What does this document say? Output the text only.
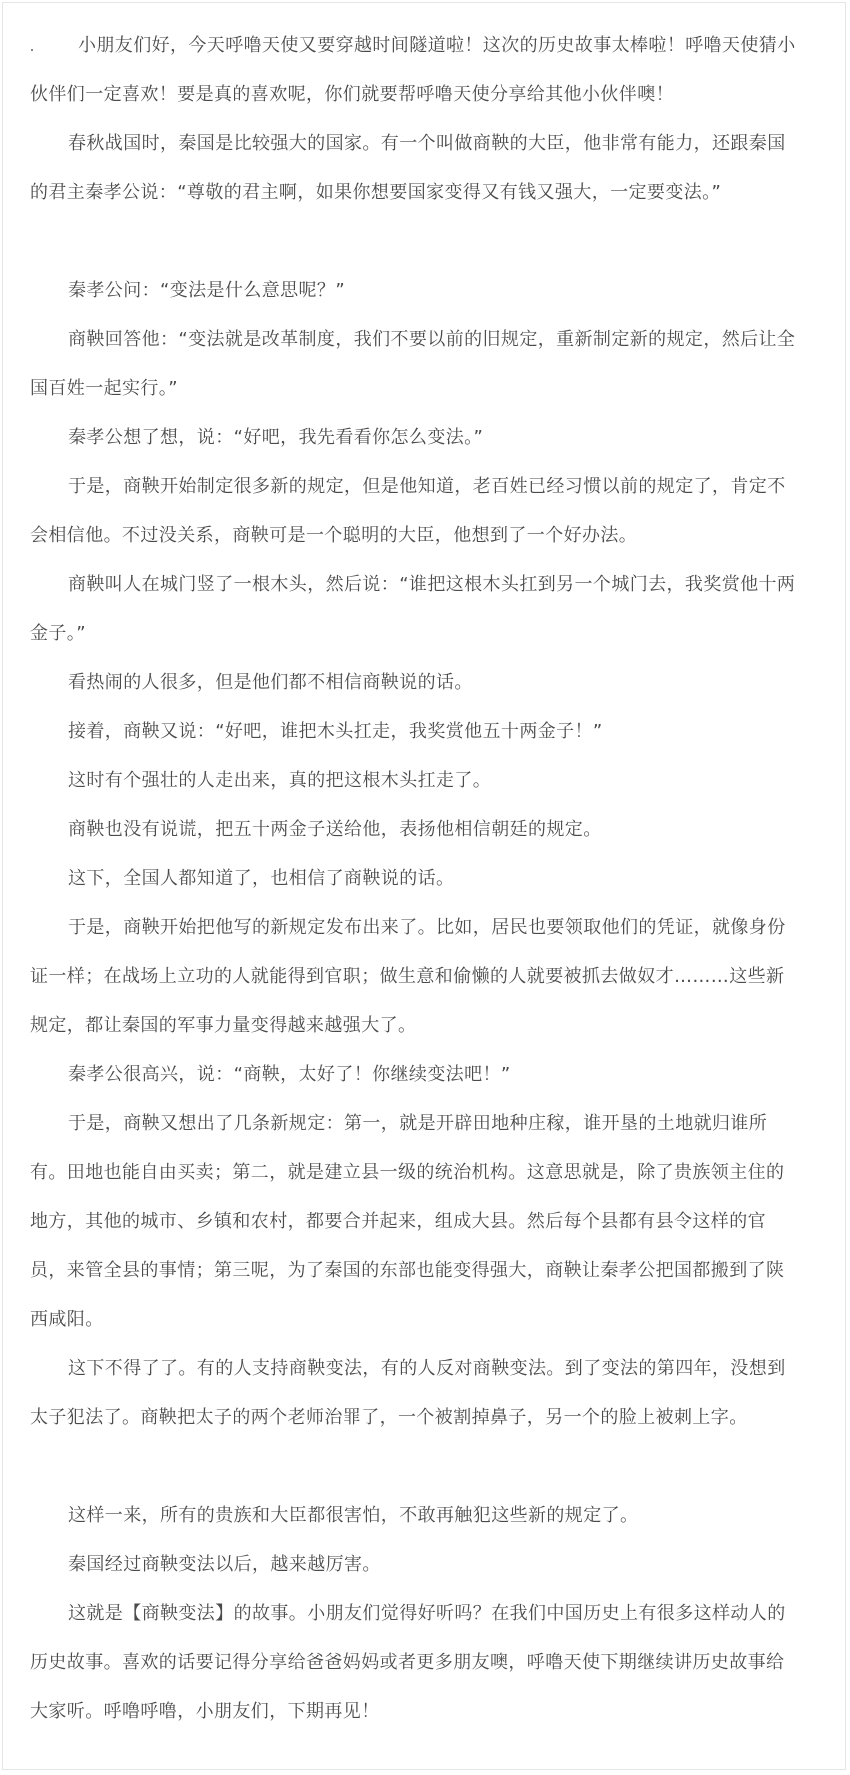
小朋友们好，今天呼噜天使又要穿越时间隧道啦！这次的历史故事太棒啦！呼噜天使猜小伙伴们一定喜欢！要是真的喜欢呢，你们就要帮呼噜天使分享给其他小伙伴噢！

春秋战国时，秦国是比较强大的国家。有一个叫做商鞅的大臣，他非常有能力，还跟秦国的君主秦孝公说：“尊敬的君主啊，如果你想要国家变得又有钱又强大，一定要变法。”

秦孝公问：“变法是什么意思呢？”

商鞅回答他：“变法就是改革制度，我们不要以前的旧规定，重新制定新的规定，然后让全国百姓一起实行。”

秦孝公想了想，说：“好吧，我先看看你怎么变法。”

于是，商鞅开始制定很多新的规定，但是他知道，老百姓已经习惯以前的规定了，肯定不会相信他。不过没关系，商鞅可是一个聪明的大臣，他想到了一个好办法。

商鞅叫人在城门竖了一根木头，然后说：“谁把这根木头扛到另一个城门去，我奖赏他十两金子。”

看热闹的人很多，但是他们都不相信商鞅说的话。

接着，商鞅又说：“好吧，谁把木头扛走，我奖赏他五十两金子！”

这时有个强壮的人走出来，真的把这根木头扛走了。

商鞅也没有说谎，把五十两金子送给他，表扬他相信朝廷的规定。

这下，全国人都知道了，也相信了商鞅说的话。

于是，商鞅开始把他写的新规定发布出来了。比如，居民也要领取他们的凭证，就像身份证一样；在战场上立功的人就能得到官职；做生意和偷懒的人就要被抓去做奴才………这些新规定，都让秦国的军事力量变得越来越强大了。

秦孝公很高兴，说：“商鞅，太好了！你继续变法吧！”

于是，商鞅又想出了几条新规定：第一，就是开辟田地种庄稼，谁开垦的土地就归谁所有。田地也能自由买卖；第二，就是建立县一级的统治机构。这意思就是，除了贵族领主住的地方，其他的城市、乡镇和农村，都要合并起来，组成大县。然后每个县都有县令这样的官员，来管全县的事情；第三呢，为了秦国的东部也能变得强大，商鞅让秦孝公把国都搬到了陕西咸阳。

这下不得了了。有的人支持商鞅变法，有的人反对商鞅变法。到了变法的第四年，没想到太子犯法了。商鞅把太子的两个老师治罪了，一个被割掉鼻子，另一个的脸上被刺上字。

这样一来，所有的贵族和大臣都很害怕，不敢再触犯这些新的规定了。

秦国经过商鞅变法以后，越来越厉害。

这就是【商鞅变法】的故事。小朋友们觉得好听吗？在我们中国历史上有很多这样动人的历史故事。喜欢的话要记得分享给爸爸妈妈或者更多朋友噢，呼噜天使下期继续讲历史故事给大家听。呼噜呼噜，小朋友们，下期再见！
